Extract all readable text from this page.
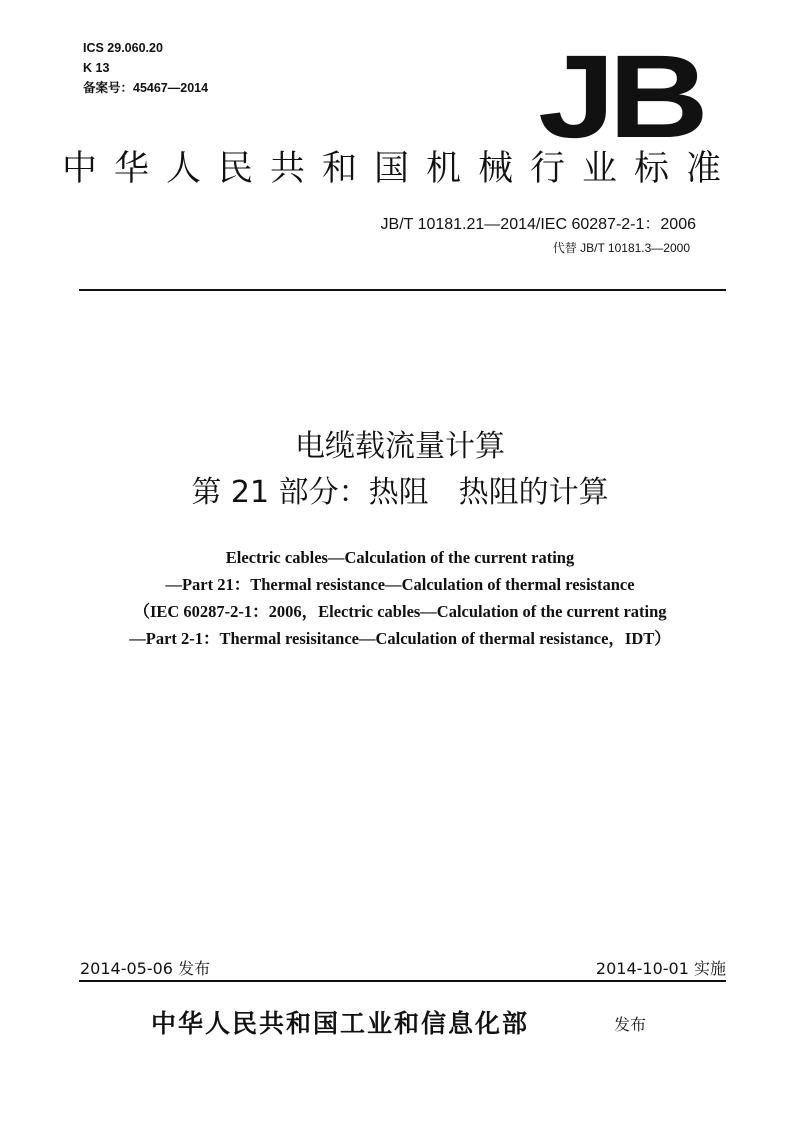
ICS 29.060.20
K 13
备案号：45467—2014	JB
中华人民共和国机械行业标准
JB/T 10181.21—2014/IEC 60287-2-1：2006
代替 JB/T 10181.3—2000
电缆载流量计算
第 21 部分：热阻　热阻的计算
Electric cables—Calculation of the current rating
—Part 21：Thermal resistance—Calculation of thermal resistance
（IEC 60287-2-1：2006，Electric cables—Calculation of the current rating
—Part 2-1：Thermal resisitance—Calculation of thermal resistance，IDT）
2014-05-06 发布	2014-10-01 实施
中华人民共和国工业和信息化部	发布
